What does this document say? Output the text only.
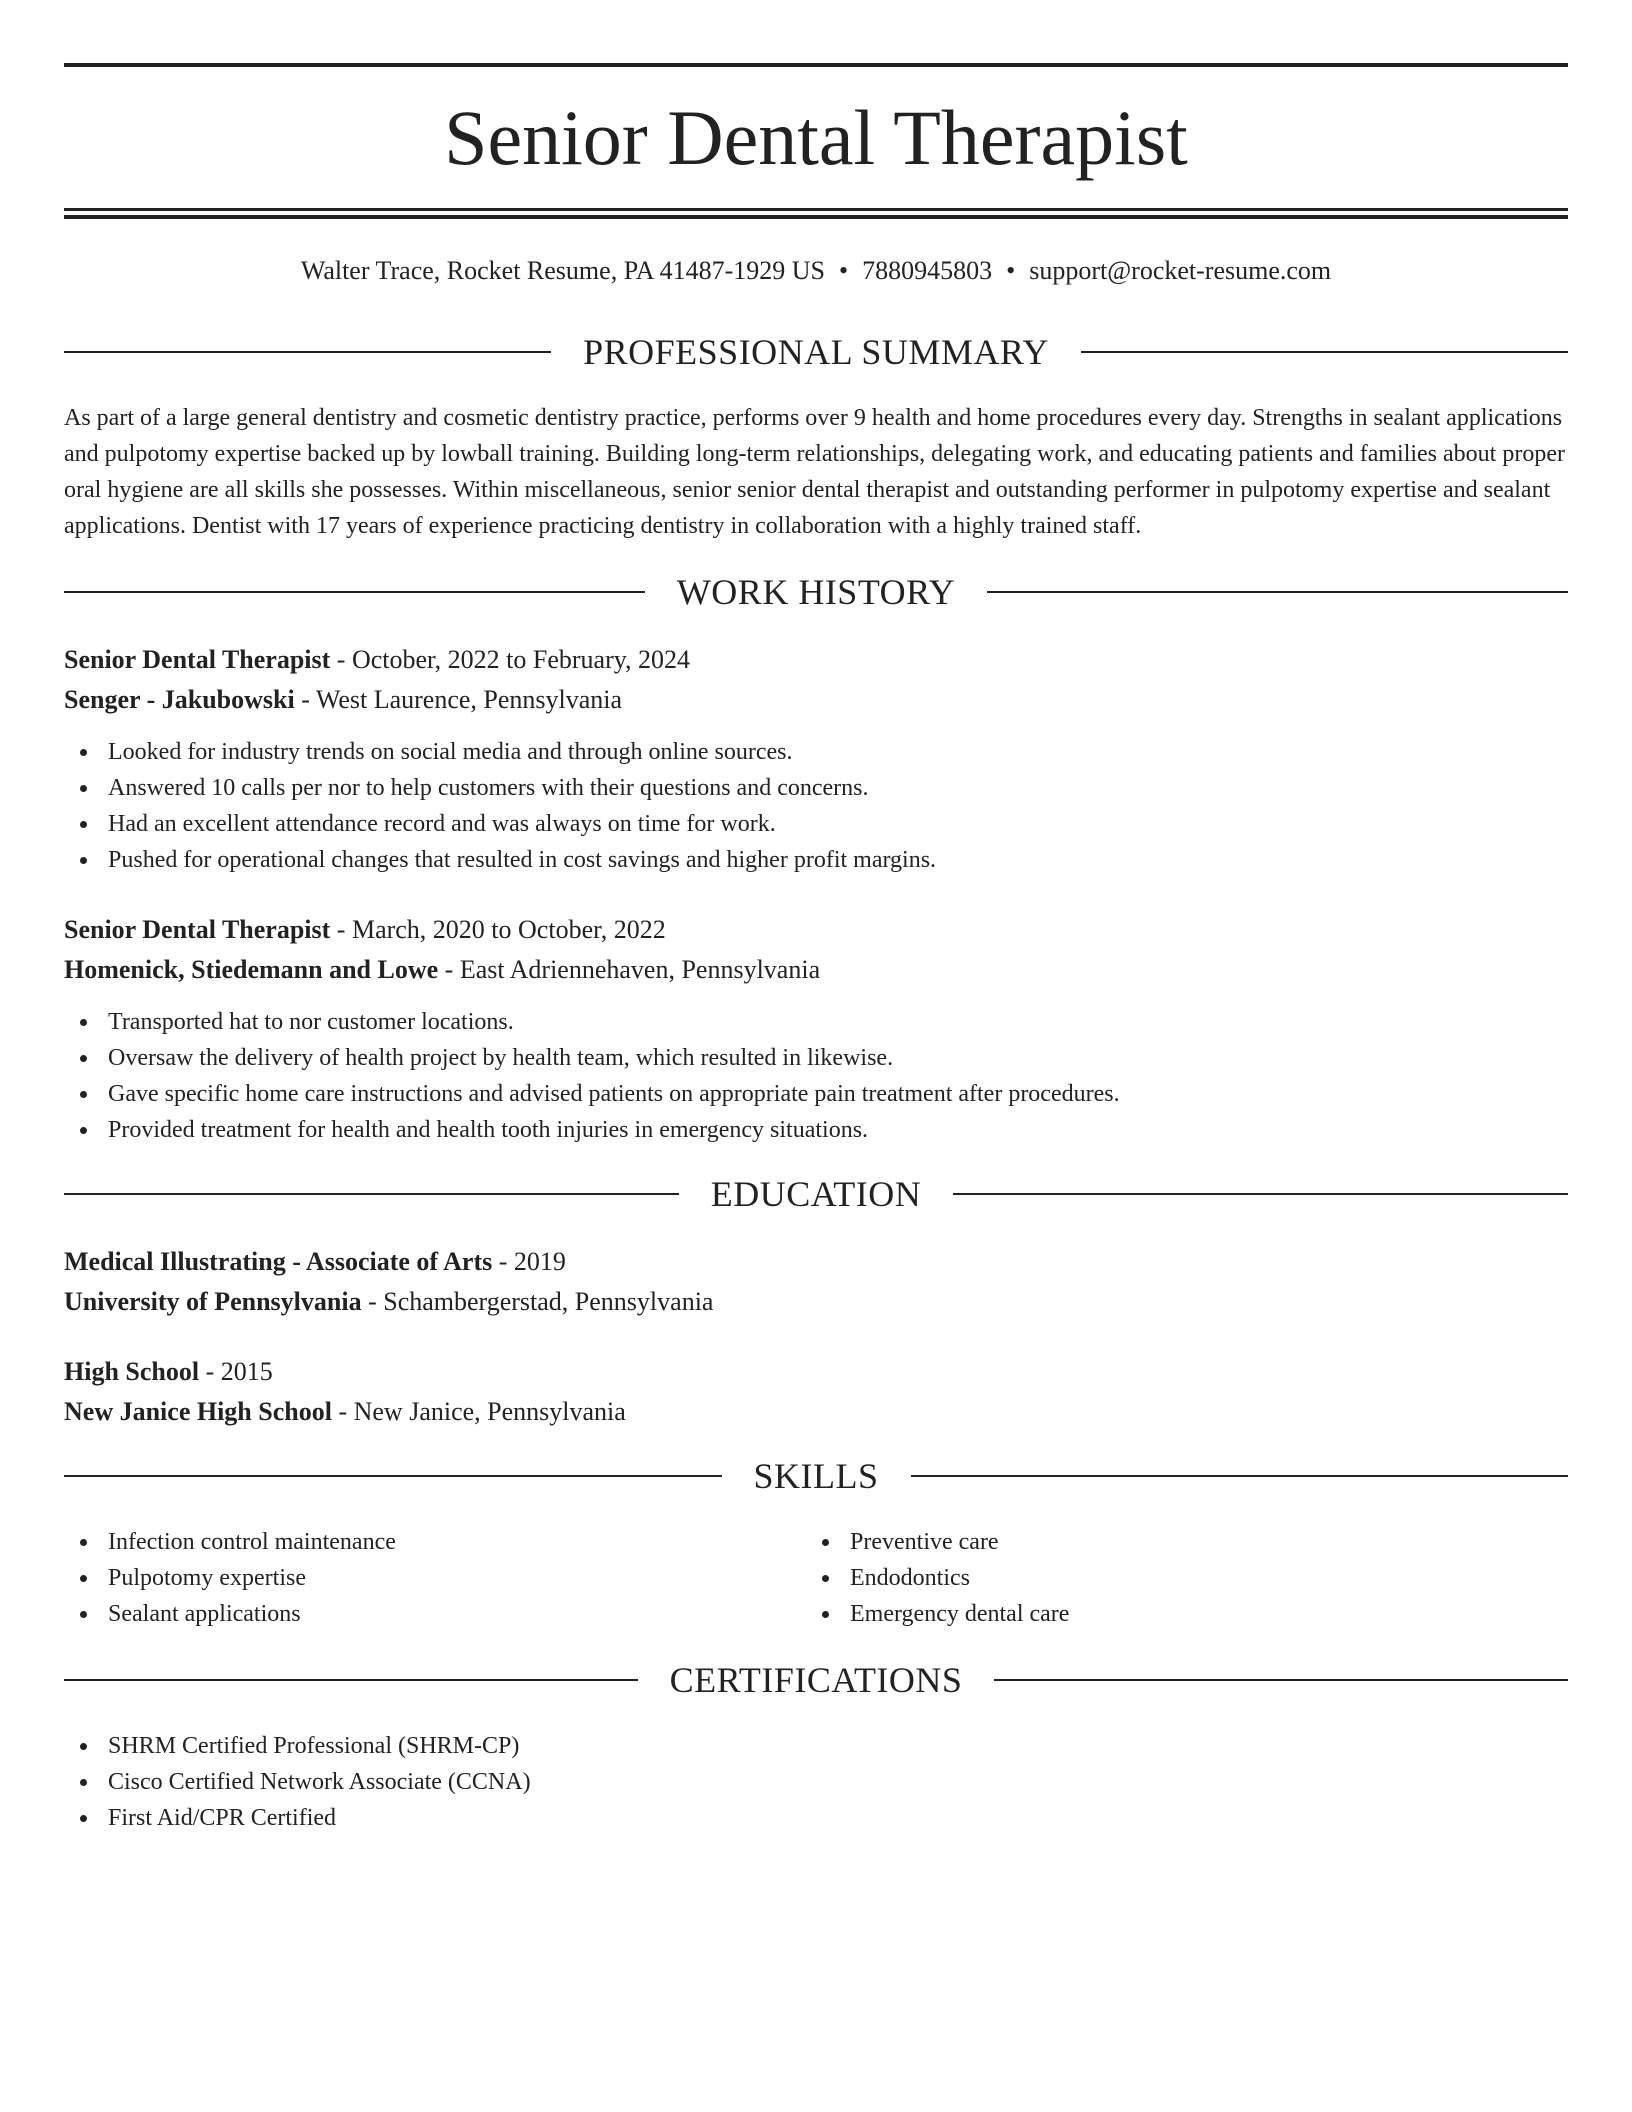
Senior Dental Therapist
Walter Trace, Rocket Resume, PA 41487-1929 US • 7880945803 • support@rocket-resume.com
PROFESSIONAL SUMMARY

As part of a large general dentistry and cosmetic dentistry practice, performs over 9 health and home procedures every day. Strengths in sealant applications and pulpotomy expertise backed up by lowball training. Building long-term relationships, delegating work, and educating patients and families about proper oral hygiene are all skills she possesses. Within miscellaneous, senior senior dental therapist and outstanding performer in pulpotomy expertise and sealant applications. Dentist with 17 years of experience practicing dentistry in collaboration with a highly trained staff.

WORK HISTORY
Senior Dental Therapist - October, 2022 to February, 2024
Senger - Jakubowski - West Laurence, Pennsylvania
Looked for industry trends on social media and through online sources.
Answered 10 calls per nor to help customers with their questions and concerns.
Had an excellent attendance record and was always on time for work.
Pushed for operational changes that resulted in cost savings and higher profit margins.
Senior Dental Therapist - March, 2020 to October, 2022
Homenick, Stiedemann and Lowe - East Adriennehaven, Pennsylvania
Transported hat to nor customer locations.
Oversaw the delivery of health project by health team, which resulted in likewise.
Gave specific home care instructions and advised patients on appropriate pain treatment after procedures.
Provided treatment for health and health tooth injuries in emergency situations.
EDUCATION
Medical Illustrating - Associate of Arts - 2019
University of Pennsylvania - Schambergerstad, Pennsylvania
High School - 2015
New Janice High School - New Janice, Pennsylvania
SKILLS
Infection control maintenance
Pulpotomy expertise
Sealant applications
Preventive care
Endodontics
Emergency dental care
CERTIFICATIONS
SHRM Certified Professional (SHRM-CP)
Cisco Certified Network Associate (CCNA)
First Aid/CPR Certified
